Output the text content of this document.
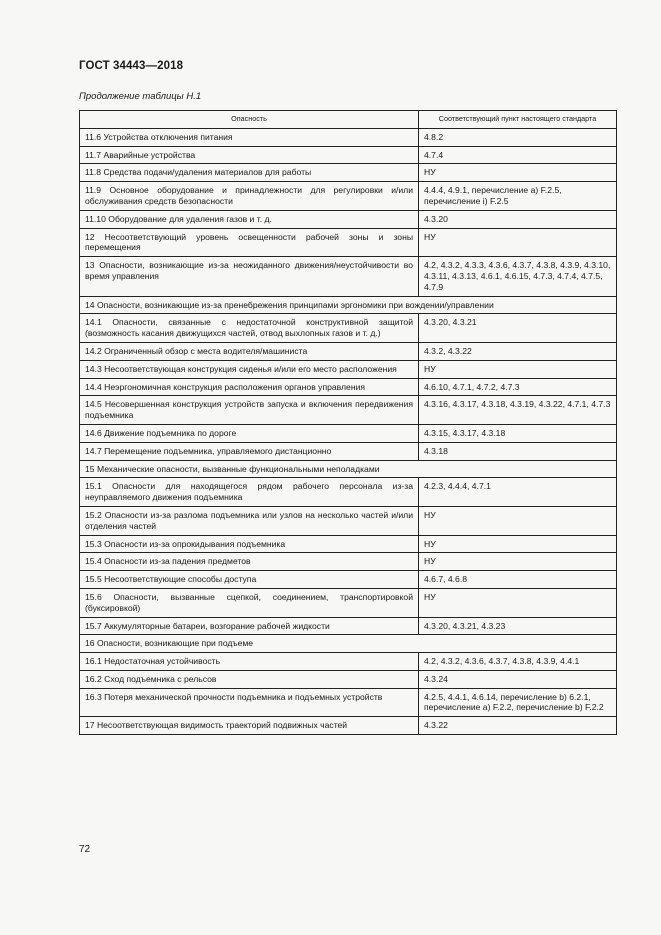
ГОСТ 34443—2018
Продолжение таблицы Н.1
Опасность	Соответствующий пункт настоящего стандарта
11.6 Устройства отключения питания	4.8.2
11.7 Аварийные устройства	4.7.4
11.8 Средства подачи/удаления материалов для работы	НУ
11.9 Основное оборудование и принадлежности для регулировки и/или обслуживания средств безопасности	4.4.4, 4.9.1, перечисление а) F.2.5, перечисление i) F.2.5
11.10 Оборудование для удаления газов и т. д.	4.3.20
12 Несоответствующий уровень освещенности рабочей зоны и зоны перемещения	НУ
13 Опасности, возникающие из-за неожиданного движения/неустойчивости во время управления	4.2, 4.3.2, 4.3.3, 4.3.6, 4.3.7, 4.3.8, 4.3.9, 4.3.10, 4.3.11, 4.3.13, 4.6.1, 4.6.15, 4.7.3, 4.7.4, 4.7.5, 4.7.9
14 Опасности, возникающие из-за пренебрежения принципами эргономики при вождении/управлении	
14.1 Опасности, связанные с недостаточной конструктивной защитой (возможность касания движущихся частей, отвод выхлопных газов и т. д.)	4.3.20, 4.3.21
14.2 Ограниченный обзор с места водителя/машиниста	4.3.2, 4.3.22
14.3 Несоответствующая конструкция сиденья и/или его место расположения	НУ
14.4 Неэргономичная конструкция расположения органов управления	4.6.10, 4.7.1, 4.7.2, 4.7.3
14.5 Несовершенная конструкция устройств запуска и включения передвижения подъемника	4.3.16, 4.3.17, 4.3.18, 4.3.19, 4.3.22, 4.7.1, 4.7.3
14.6 Движение подъемника по дороге	4.3.15, 4.3.17, 4.3.18
14.7 Перемещение подъемника, управляемого дистанционно	4.3.18
15 Механические опасности, вызванные функциональными неполадками	
15.1 Опасности для находящегося рядом рабочего персонала из-за неуправляемого движения подъемника	4.2.3, 4.4.4, 4.7.1
15.2 Опасности из-за разлома подъемника или узлов на несколько частей и/или отделения частей	НУ
15.3 Опасности из-за опрокидывания подъемника	НУ
15.4 Опасности из-за падения предметов	НУ
15.5 Несоответствующие способы доступа	4.6.7, 4.6.8
15.6 Опасности, вызванные сцепкой, соединением, транспортировкой (буксировкой)	НУ
15.7 Аккумуляторные батареи, возгорание рабочей жидкости	4.3.20, 4.3.21, 4.3.23
16 Опасности, возникающие при подъеме	
16.1 Недостаточная устойчивость	4.2, 4.3.2, 4.3.6, 4.3.7, 4.3.8, 4.3.9, 4.4.1
16.2 Сход подъемника с рельсов	4.3.24
16.3 Потеря механической прочности подъемника и подъемных устройств	4.2.5, 4.4.1, 4.6.14, перечисление b) 6.2.1, перечисление а) F.2.2, перечисление b) F.2.2
17 Несоответствующая видимость траекторий подвижных частей	4.3.22
72
